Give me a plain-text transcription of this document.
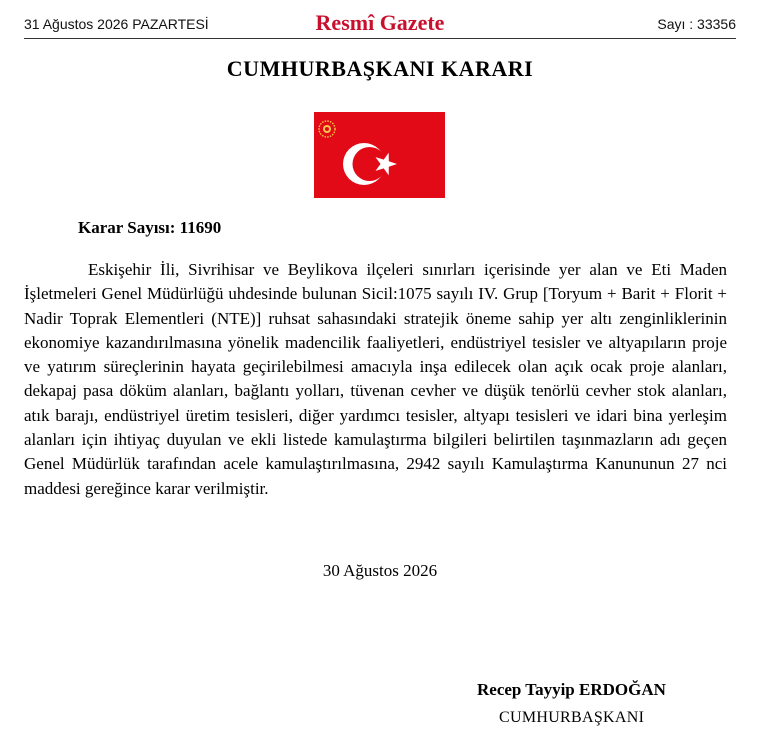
31 Ağustos 2026 PAZARTESİ	Resmî Gazete	Sayı : 33356
CUMHURBAŞKANI KARARI
Karar Sayısı: 11690

Eskişehir İli, Sivrihisar ve Beylikova ilçeleri sınırları içerisinde yer alan ve Eti Maden İşletmeleri Genel Müdürlüğü uhdesinde bulunan Sicil:1075 sayılı IV. Grup [Toryum + Barit + Florit + Nadir Toprak Elementleri (NTE)] ruhsat sahasındaki stratejik öneme sahip yer altı zenginliklerinin ekonomiye kazandırılmasına yönelik madencilik faaliyetleri, endüstriyel tesisler ve altyapıların proje ve yatırım süreçlerinin hayata geçirilebilmesi amacıyla inşa edilecek olan açık ocak proje alanları, dekapaj pasa döküm alanları, bağlantı yolları, tüvenan cevher ve düşük tenörlü cevher stok alanları, atık barajı, endüstriyel üretim tesisleri, diğer yardımcı tesisler, altyapı tesisleri ve idari bina yerleşim alanları için ihtiyaç duyulan ve ekli listede kamulaştırma bilgileri belirtilen taşınmazların adı geçen Genel Müdürlük tarafından acele kamulaştırılmasına, 2942 sayılı Kamulaştırma Kanununun 27 nci maddesi gereğince karar verilmiştir.

30 Ağustos 2026
Recep Tayyip ERDOĞAN
CUMHURBAŞKANI
